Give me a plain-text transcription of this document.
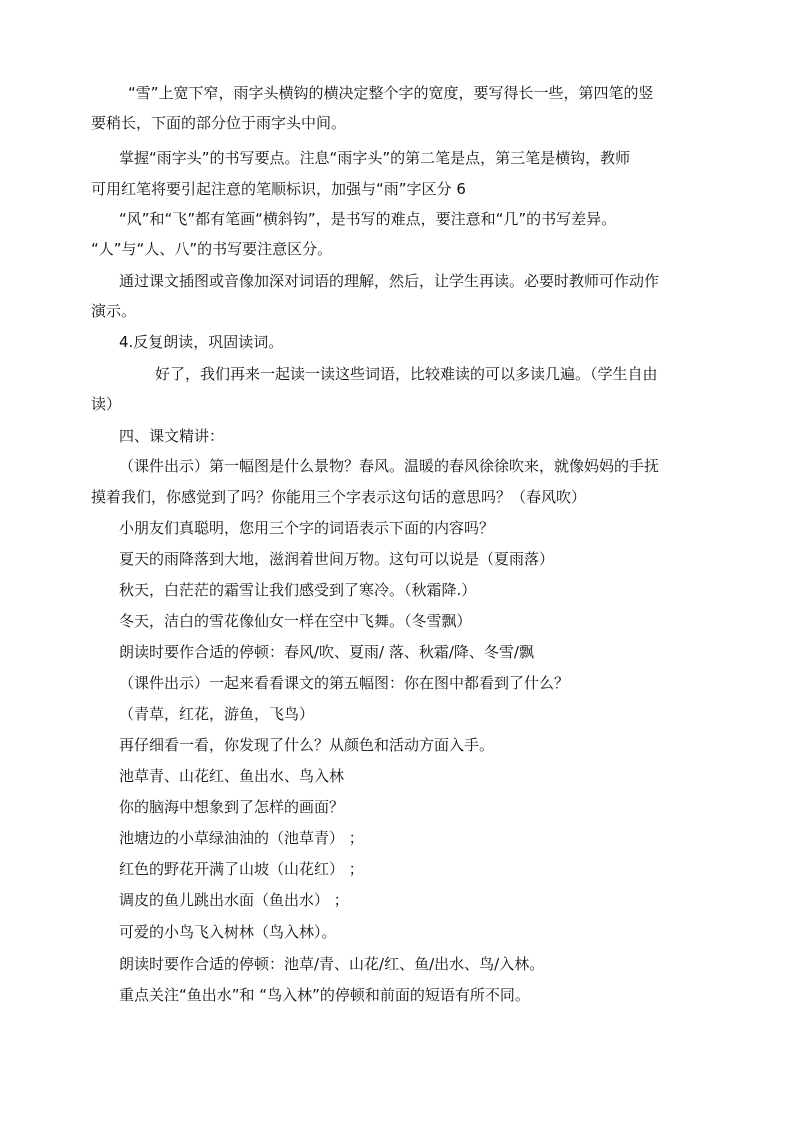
“雪”上宽下窄，雨字头横钩的横决定整个字的宽度，要写得长一些，第四笔的竖
要稍长，下面的部分位于雨字头中间。
掌握“雨字头”的书写要点。注息“雨字头”的第二笔是点，第三笔是横钩，教师
可用红笔将要引起注意的笔顺标识，加强与“雨”字区分 6
“风”和“飞”都有笔画“横斜钩”，是书写的难点，要注意和“几”的书写差异。
“人”与“人、八”的书写要注意区分。
通过课文插图或音像加深对词语的理解，然后，让学生再读。必要时教师可作动作
演示。
4.反复朗读，巩固读词。
好了，我们再来一起读一读这些词语，比较难读的可以多读几遍。（学生自由
读）
四、课文精讲：
（课件出示）第一幅图是什么景物？春风。温暖的春风徐徐吹来，就像妈妈的手抚
摸着我们，你感觉到了吗？你能用三个字表示这句话的意思吗？（春风吹）
小朋友们真聪明，您用三个字的词语表示下面的内容吗？
夏天的雨降落到大地，滋润着世间万物。这句可以说是（夏雨落）
秋天，白茫茫的霜雪让我们感受到了寒冷。（秋霜降.）
冬天，洁白的雪花像仙女一样在空中飞舞。（冬雪飘）
朗读时要作合适的停顿：春风/吹、夏雨/ 落、秋霜/降、冬雪/飘
（课件出示）一起来看看课文的第五幅图：你在图中都看到了什么？
（青草，红花，游鱼，飞鸟）
再仔细看一看，你发现了什么？从颜色和活动方面入手。
池草青、山花红、鱼出水、鸟入林
你的脑海中想象到了怎样的画面？
池塘边的小草绿油油的（池草青） ；
红色的野花开满了山坡（山花红） ；
调皮的鱼儿跳出水面（鱼出水） ；
可爱的小鸟飞入树林（鸟入林）。
朗读时要作合适的停顿：池草/青、山花/红、鱼/出水、鸟/入林。
重点关注“鱼出水”和 “鸟入林”的停顿和前面的短语有所不同。
